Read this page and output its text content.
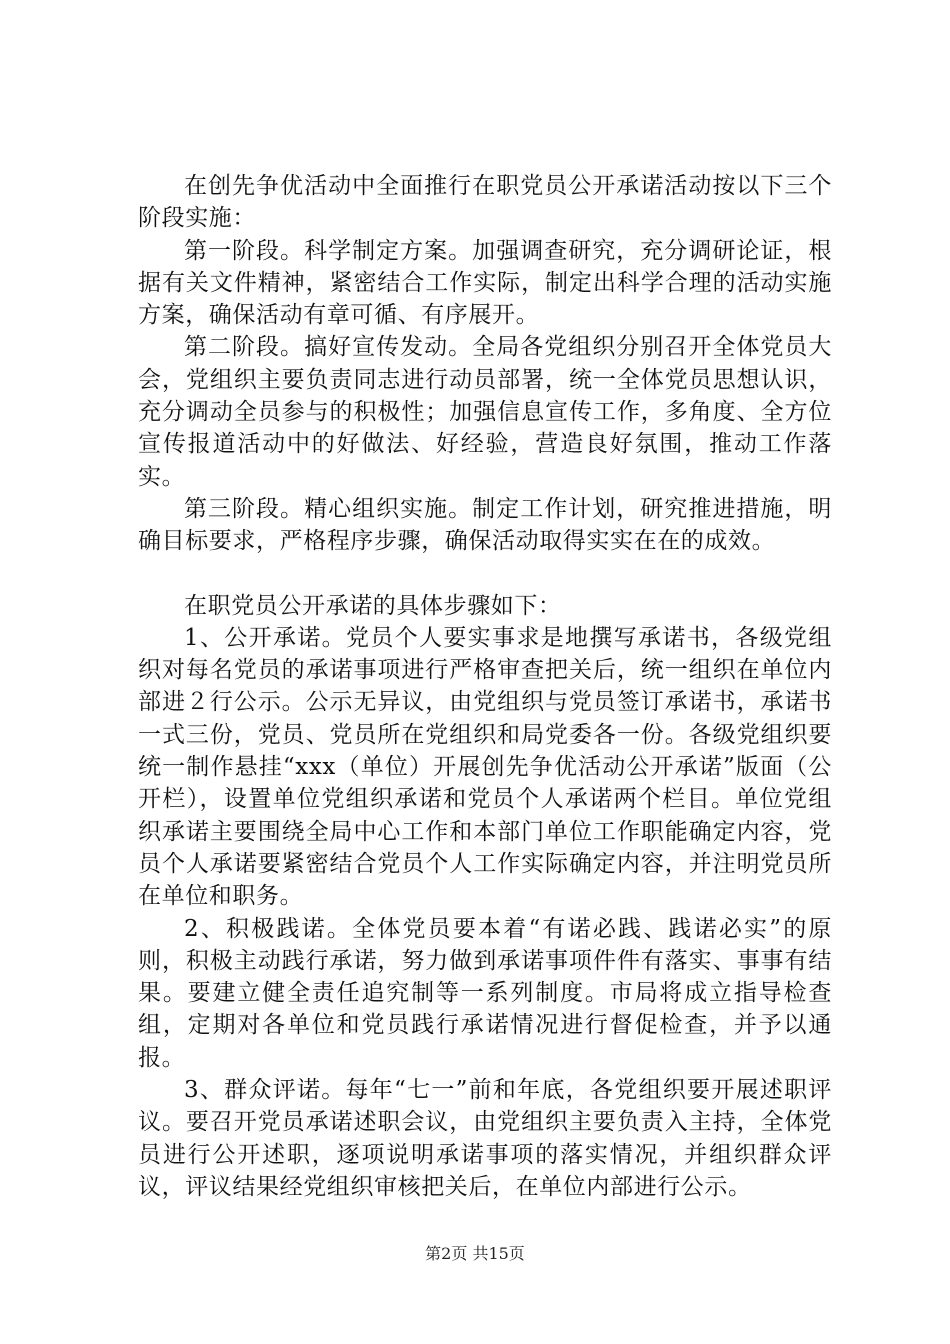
在创先争优活动中全面推行在职党员公开承诺活动按以下三个阶段实施：

第一阶段。科学制定方案。加强调查研究，充分调研论证，根据有关文件精神，紧密结合工作实际，制定出科学合理的活动实施方案，确保活动有章可循、有序展开。

第二阶段。搞好宣传发动。全局各党组织分别召开全体党员大会，党组织主要负责同志进行动员部署，统一全体党员思想认识，充分调动全员参与的积极性；加强信息宣传工作，多角度、全方位宣传报道活动中的好做法、好经验，营造良好氛围，推动工作落实。

第三阶段。精心组织实施。制定工作计划，研究推进措施，明确目标要求，严格程序步骤，确保活动取得实实在在的成效。

在职党员公开承诺的具体步骤如下：

1、公开承诺。党员个人要实事求是地撰写承诺书，各级党组织对每名党员的承诺事项进行严格审查把关后，统一组织在单位内部进２行公示。公示无异议，由党组织与党员签订承诺书，承诺书一式三份，党员、党员所在党组织和局党委各一份。各级党组织要统一制作悬挂“xxx（单位）开展创先争优活动公开承诺”版面（公开栏），设置单位党组织承诺和党员个人承诺两个栏目。单位党组织承诺主要围绕全局中心工作和本部门单位工作职能确定内容，党员个人承诺要紧密结合党员个人工作实际确定内容，并注明党员所在单位和职务。

2、积极践诺。全体党员要本着“有诺必践、践诺必实”的原则，积极主动践行承诺，努力做到承诺事项件件有落实、事事有结果。要建立健全责任追究制等一系列制度。市局将成立指导检查组，定期对各单位和党员践行承诺情况进行督促检查，并予以通报。

3、群众评诺。每年“七一”前和年底，各党组织要开展述职评议。要召开党员承诺述职会议，由党组织主要负责入主持，全体党员进行公开述职，逐项说明承诺事项的落实情况，并组织群众评议，评议结果经党组织审核把关后，在单位内部进行公示。

第2页 共15页
